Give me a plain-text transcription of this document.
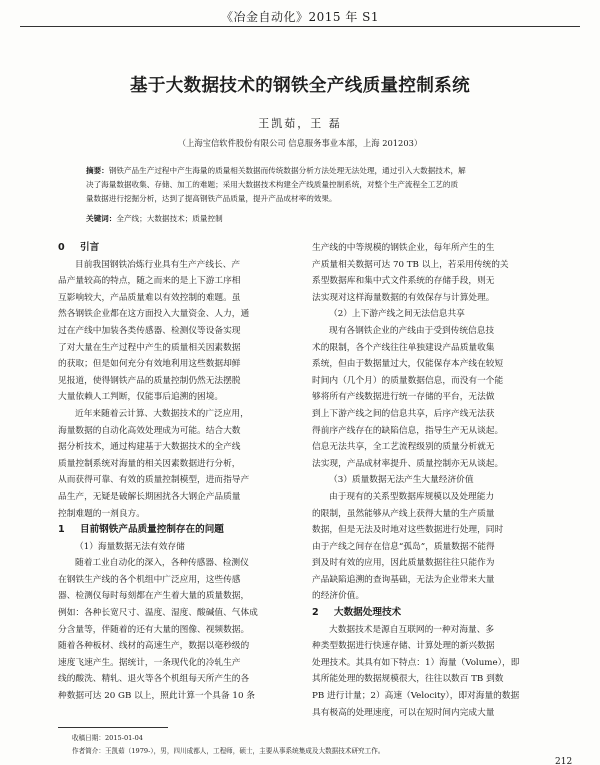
《冶金自动化》2015 年 S1
基于大数据技术的钢铁全产线质量控制系统
王凯茹，王 磊
（上海宝信软件股份有限公司 信息服务事业本部，上海 201203）
摘要：钢铁产品生产过程中产生海量的质量相关数据而传统数据分析方法处理无法处理，通过引入大数据技术，解
决了海量数据收集、存储、加工的难题；采用大数据技术构建全产线质量控制系统，对整个生产流程全工艺的质
量数据进行挖掘分析，达到了提高钢铁产品质量，提升产品成材率的效果。
关键词：全产线；大数据技术；质量控制
0 引言
目前我国钢铁冶炼行业具有生产产线长、产
品产量较高的特点，随之而来的是上下游工序相
互影响较大，产品质量难以有效控制的难题。虽
然各钢铁企业都在这方面投入大量资金、人力，通
过在产线中加装各类传感器、检测仪等设备实现
了对大量在生产过程中产生的质量相关因素数据
的获取；但是如何充分有效地利用这些数据却鲜
见报道，使得钢铁产品的质量控制仍然无法摆脱
大量依赖人工判断，仅能事后追溯的困境。
近年来随着云计算、大数据技术的广泛应用，
海量数据的自动化高效处理成为可能。结合大数
据分析技术，通过构建基于大数据技术的全产线
质量控制系统对海量的相关因素数据进行分析，
从而获得可靠、有效的质量控制模型，进而指导产
品生产，无疑是破解长期困扰各大钢企产品质量
控制难题的一剂良方。
1 目前钢铁产品质量控制存在的问题
（1）海量数据无法有效存储
随着工业自动化的深入，各种传感器、检测仪
在钢铁生产线的各个机组中广泛应用，这些传感
器、检测仪每时每刻都在产生着大量的质量数据，
例如：各种长宽尺寸、温度、湿度、酸碱值、气体成
分含量等，伴随着的还有大量的图像、视频数据。
随着各种板材、线材的高速生产，数据以毫秒级的
速度飞速产生。据统计，一条现代化的冷轧生产
线的酸洗、精轧、退火等各个机组每天所产生的各
种数据可达 20 GB 以上，照此计算一个具备 10 条
生产线的中等规模的钢铁企业，每年所产生的生
产质量相关数据可达 70 TB 以上，若采用传统的关
系型数据库和集中式文件系统的存储手段，则无
法实现对这样海量数据的有效保存与计算处理。
（2）上下游产线之间无法信息共享
现有各钢铁企业的产线由于受到传统信息技
术的限制，各个产线往往单独建设产品质量收集
系统，但由于数据量过大，仅能保存本产线在较短
时间内（几个月）的质量数据信息，而没有一个能
够将所有产线数据进行统一存储的平台，无法做
到上下游产线之间的信息共享，后序产线无法获
得前序产线存在的缺陷信息，指导生产无从谈起。
信息无法共享，全工艺流程级别的质量分析就无
法实现，产品成材率提升、质量控制亦无从谈起。
（3）质量数据无法产生大量经济价值
由于现有的关系型数据库规模以及处理能力
的限制，虽然能够从产线上获得大量的生产质量
数据，但是无法及时地对这些数据进行处理，同时
由于产线之间存在信息“孤岛”，质量数据不能得
到及时有效的应用，因此质量数据往往只能作为
产品缺陷追溯的查询基础，无法为企业带来大量
的经济价值。
2 大数据处理技术
大数据技术是源自互联网的一种对海量、多
种类型数据进行快速存储、计算处理的新兴数据
处理技术。其具有如下特点：1）海量（Volume），即
其所能处理的数据规模很大，往往以数百 TB 到数
PB 进行计量；2）高速（Velocity），即对海量的数据
具有极高的处理速度，可以在短时间内完成大量
收稿日期：2015-01-04
作者简介：王凯茹（1979-），男，四川成都人，工程师，硕士，主要从事系统集成及大数据技术研究工作。
212
